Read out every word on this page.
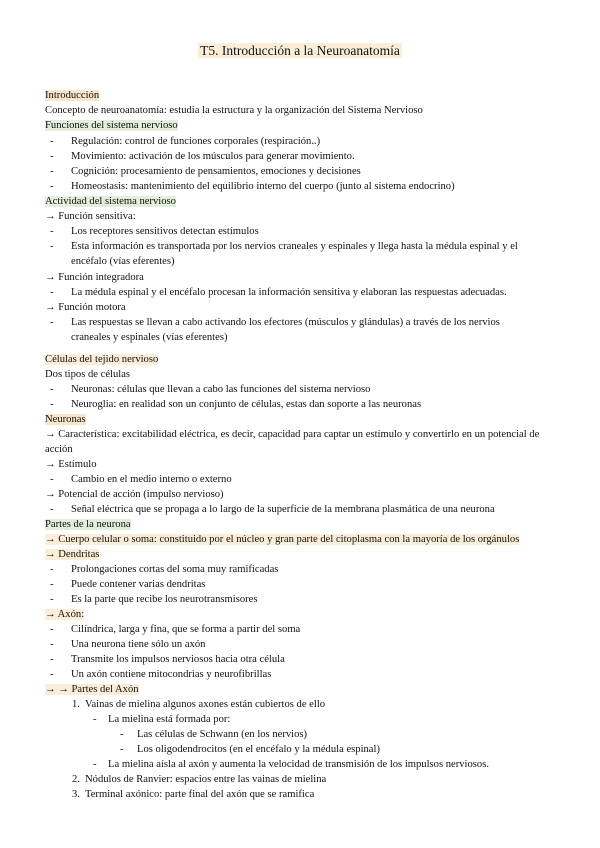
T5. Introducción a la Neuroanatomía
Introducción
Concepto de neuroanatomía: estudia la estructura y la organización del Sistema Nervioso
Funciones del sistema nervioso
- Regulación: control de funciones corporales (respiración..)
- Movimiento: activación de los músculos para generar movimiento.
- Cognición: procesamiento de pensamientos, emociones y decisiones
- Homeostasis: mantenimiento del equilibrio interno del cuerpo (junto al sistema endocrino)
Actividad del sistema nervioso
→ Función sensitiva:
- Los receptores sensitivos detectan estímulos
- Esta información es transportada por los nervios craneales y espinales y llega hasta la médula espinal y el encéfalo (vías eferentes)
→ Función integradora
- La médula espinal y el encéfalo procesan la información sensitiva y elaboran las respuestas adecuadas.
→ Función motora
- Las respuestas se llevan a cabo activando los efectores (músculos y glándulas) a través de los nervios craneales y espinales (vías eferentes)
Células del tejido nervioso
Dos tipos de células
- Neuronas: células que llevan a cabo las funciones del sistema nervioso
- Neuroglia: en realidad son un conjunto de células, estas dan soporte a las neuronas
Neuronas
→ Característica: excitabilidad eléctrica, es decir, capacidad para captar un estímulo y convertirlo en un potencial de acción
→ Estímulo
- Cambio en el medio interno o externo
→ Potencial de acción (impulso nervioso)
- Señal eléctrica que se propaga a lo largo de la superficie de la membrana plasmática de una neurona
Partes de la neurona
→ Cuerpo celular o soma: constituido por el núcleo y gran parte del citoplasma con la mayoría de los orgánulos
→ Dendritas
- Prolongaciones cortas del soma muy ramificadas
- Puede contener varias dendritas
- Es la parte que recibe los neurotransmisores
→ Axón:
- Cilíndrica, larga y fina, que se forma a partir del soma
- Una neurona tiene sólo un axón
- Transmite los impulsos nerviosos hacia otra célula
- Un axón contiene mitocondrias y neurofibrillas
→ → Partes del Axón
1. Vainas de mielina algunos axones están cubiertos de ello
- La mielina está formada por:
- Las células de Schwann (en los nervios)
- Los oligodendrocitos (en el encéfalo y la médula espinal)
- La mielina aísla al axón y aumenta la velocidad de transmisión de los impulsos nerviosos.
2. Nódulos de Ranvier: espacios entre las vainas de mielina
3. Terminal axónico: parte final del axón que se ramifica
